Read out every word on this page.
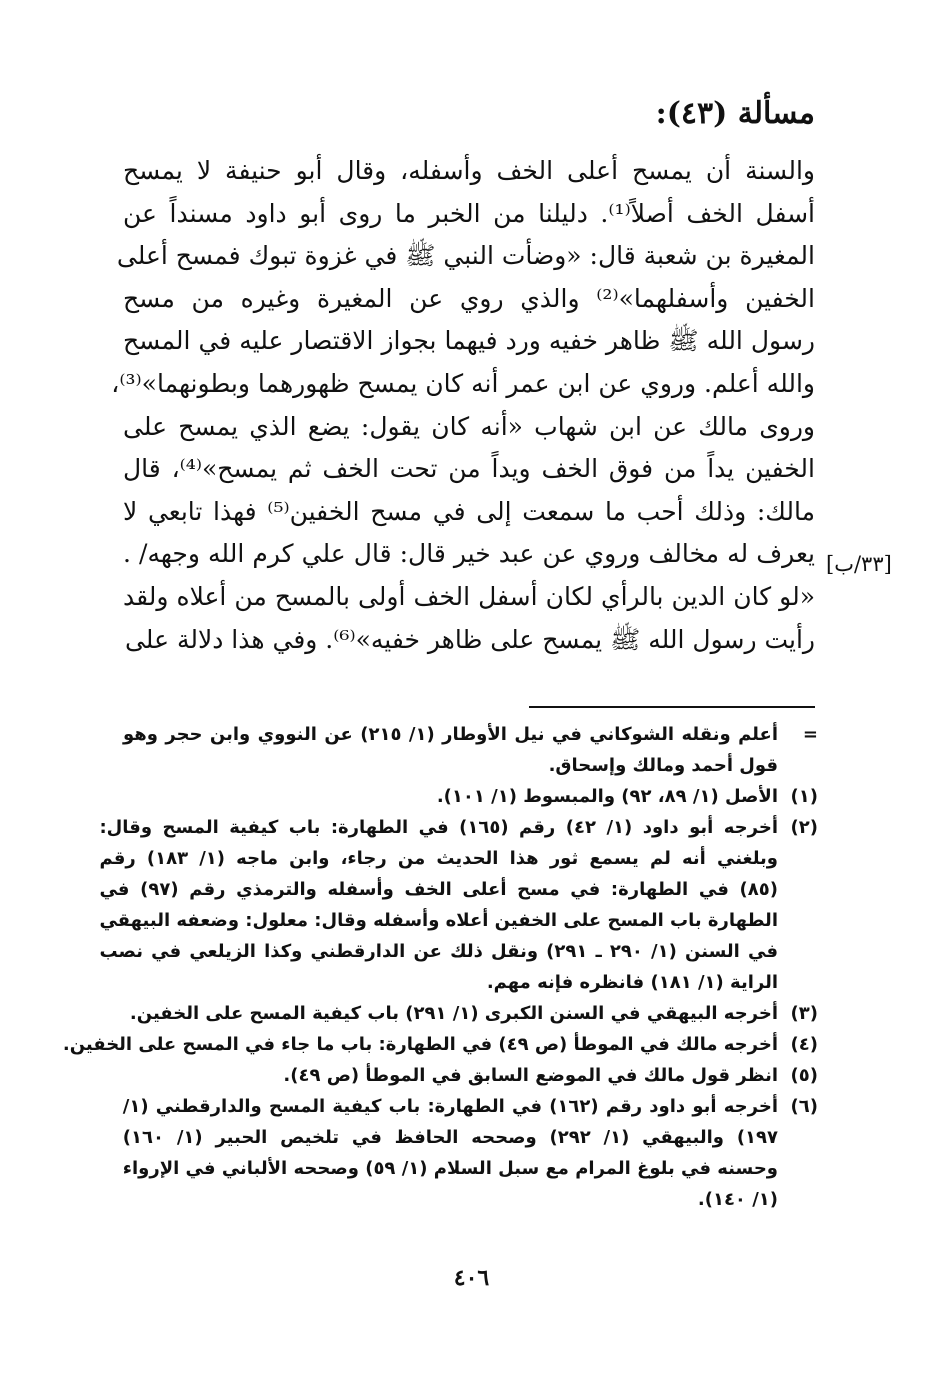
مسألة (٤٣):
والسنة أن يمسح أعلى الخف وأسفله، وقال أبو حنيفة لا يمسح
أسفل الخف أصلاً⁽¹⁾. دليلنا من الخبر ما روى أبو داود مسنداً عن
المغيرة بن شعبة قال: «وضأت النبي ﷺ في غزوة تبوك فمسح أعلى
الخفين وأسفلهما»⁽²⁾ والذي روي عن المغيرة وغيره من مسح
رسول الله ﷺ ظاهر خفيه ورد فيهما بجواز الاقتصار عليه في المسح
والله أعلم. وروي عن ابن عمر أنه كان يمسح ظهورهما وبطونهما»⁽³⁾،
وروى مالك عن ابن شهاب «أنه كان يقول: يضع الذي يمسح على
الخفين يداً من فوق الخف ويداً من تحت الخف ثم يمسح»⁽⁴⁾، قال
مالك: وذلك أحب ما سمعت إلى في مسح الخفين⁽⁵⁾ فهذا تابعي لا
يعرف له مخالف وروي عن عبد خير قال: قال علي كرم الله وجهه/ .
«لو كان الدين بالرأي لكان أسفل الخف أولى بالمسح من أعلاه ولقد
رأيت رسول الله ﷺ يمسح على ظاهر خفيه»⁽⁶⁾. وفي هذا دلالة على
[٣٣/ب]
=
أعلم ونقله الشوكاني في نيل الأوطار (١/ ٢١٥) عن النووي وابن حجر وهو
قول أحمد ومالك وإسحاق.
(١)
الأصل (١/ ٨٩، ٩٢) والمبسوط (١/ ١٠١).
(٢)
أخرجه أبو داود (١/ ٤٢) رقم (١٦٥) في الطهارة: باب كيفية المسح وقال:
وبلغني أنه لم يسمع ثور هذا الحديث من رجاء، وابن ماجه (١/ ١٨٣) رقم
(٨٥) في الطهارة: في مسح أعلى الخف وأسفله والترمذي رقم (٩٧) في
الطهارة باب المسح على الخفين أعلاه وأسفله وقال: معلول: وضعفه البيهقي
في السنن (١/ ٢٩٠ ـ ٢٩١) ونقل ذلك عن الدارقطني وكذا الزيلعي في نصب
الراية (١/ ١٨١) فانظره فإنه مهم.
(٣)
أخرجه البيهقي في السنن الكبرى (١/ ٢٩١) باب كيفية المسح على الخفين.
(٤)
أخرجه مالك في الموطأ (ص ٤٩) في الطهارة: باب ما جاء في المسح على الخفين.
(٥)
انظر قول مالك في الموضع السابق في الموطأ (ص ٤٩).
(٦)
أخرجه أبو داود رقم (١٦٢) في الطهارة: باب كيفية المسح والدارقطني (١/
١٩٧) والبيهقي (١/ ٢٩٢) وصححه الحافظ في تلخيص الحبير (١/ ١٦٠)
وحسنه في بلوغ المرام مع سبل السلام (١/ ٥٩) وصححه الألباني في الإرواء
(١/ ١٤٠).
٤٠٦
